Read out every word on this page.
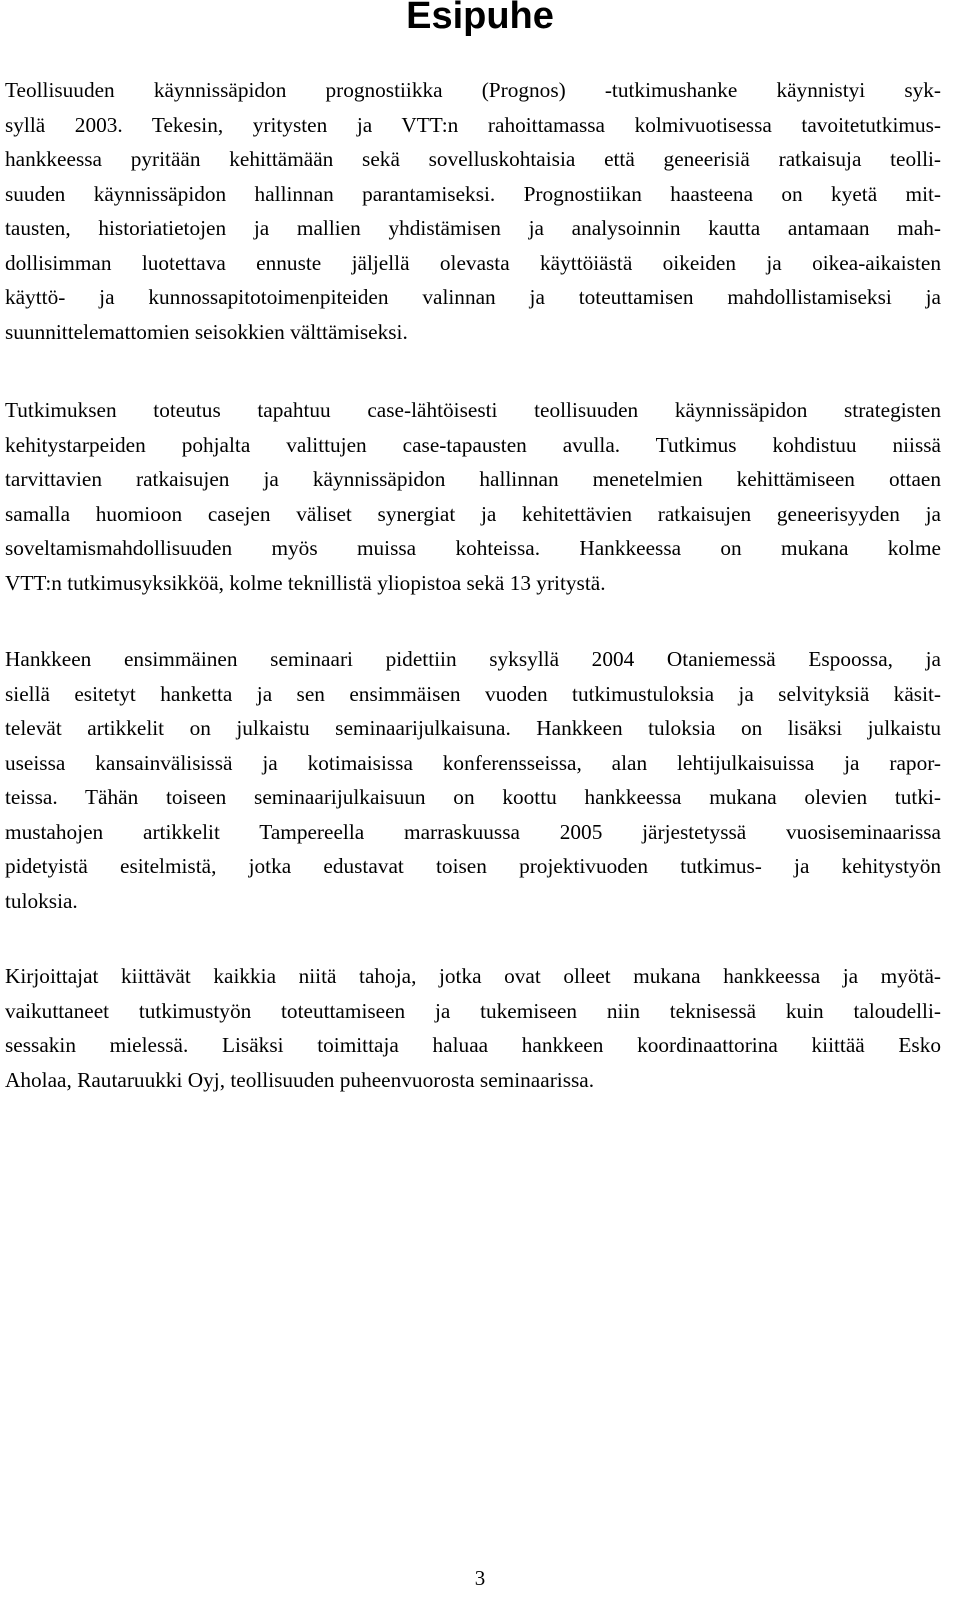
Esipuhe
Teollisuuden käynnissäpidon prognostiikka (Prognos) -tutkimushanke käynnistyi syk-
syllä 2003. Tekesin, yritysten ja VTT:n rahoittamassa kolmivuotisessa tavoitetutkimus-
hankkeessa pyritään kehittämään sekä sovelluskohtaisia että geneerisiä ratkaisuja teolli-
suuden käynnissäpidon hallinnan parantamiseksi. Prognostiikan haasteena on kyetä mit-
tausten, historiatietojen ja mallien yhdistämisen ja analysoinnin kautta antamaan mah-
dollisimman luotettava ennuste jäljellä olevasta käyttöiästä oikeiden ja oikea-aikaisten
käyttö- ja kunnossapitotoimenpiteiden valinnan ja toteuttamisen mahdollistamiseksi ja
suunnittelemattomien seisokkien välttämiseksi.
Tutkimuksen toteutus tapahtuu case-lähtöisesti teollisuuden käynnissäpidon strategisten
kehitystarpeiden pohjalta valittujen case-tapausten avulla. Tutkimus kohdistuu niissä
tarvittavien ratkaisujen ja käynnissäpidon hallinnan menetelmien kehittämiseen ottaen
samalla huomioon casejen väliset synergiat ja kehitettävien ratkaisujen geneerisyyden ja
soveltamismahdollisuuden myös muissa kohteissa. Hankkeessa on mukana kolme
VTT:n tutkimusyksikköä, kolme teknillistä yliopistoa sekä 13 yritystä.
Hankkeen ensimmäinen seminaari pidettiin syksyllä 2004 Otaniemessä Espoossa, ja
siellä esitetyt hanketta ja sen ensimmäisen vuoden tutkimustuloksia ja selvityksiä käsit-
televät artikkelit on julkaistu seminaarijulkaisuna. Hankkeen tuloksia on lisäksi julkaistu
useissa kansainvälisissä ja kotimaisissa konferensseissa, alan lehtijulkaisuissa ja rapor-
teissa. Tähän toiseen seminaarijulkaisuun on koottu hankkeessa mukana olevien tutki-
mustahojen artikkelit Tampereella marraskuussa 2005 järjestetyssä vuosiseminaarissa
pidetyistä esitelmistä, jotka edustavat toisen projektivuoden tutkimus- ja kehitystyön
tuloksia.
Kirjoittajat kiittävät kaikkia niitä tahoja, jotka ovat olleet mukana hankkeessa ja myötä-
vaikuttaneet tutkimustyön toteuttamiseen ja tukemiseen niin teknisessä kuin taloudelli-
sessakin mielessä. Lisäksi toimittaja haluaa hankkeen koordinaattorina kiittää Esko
Aholaa, Rautaruukki Oyj, teollisuuden puheenvuorosta seminaarissa.
3
